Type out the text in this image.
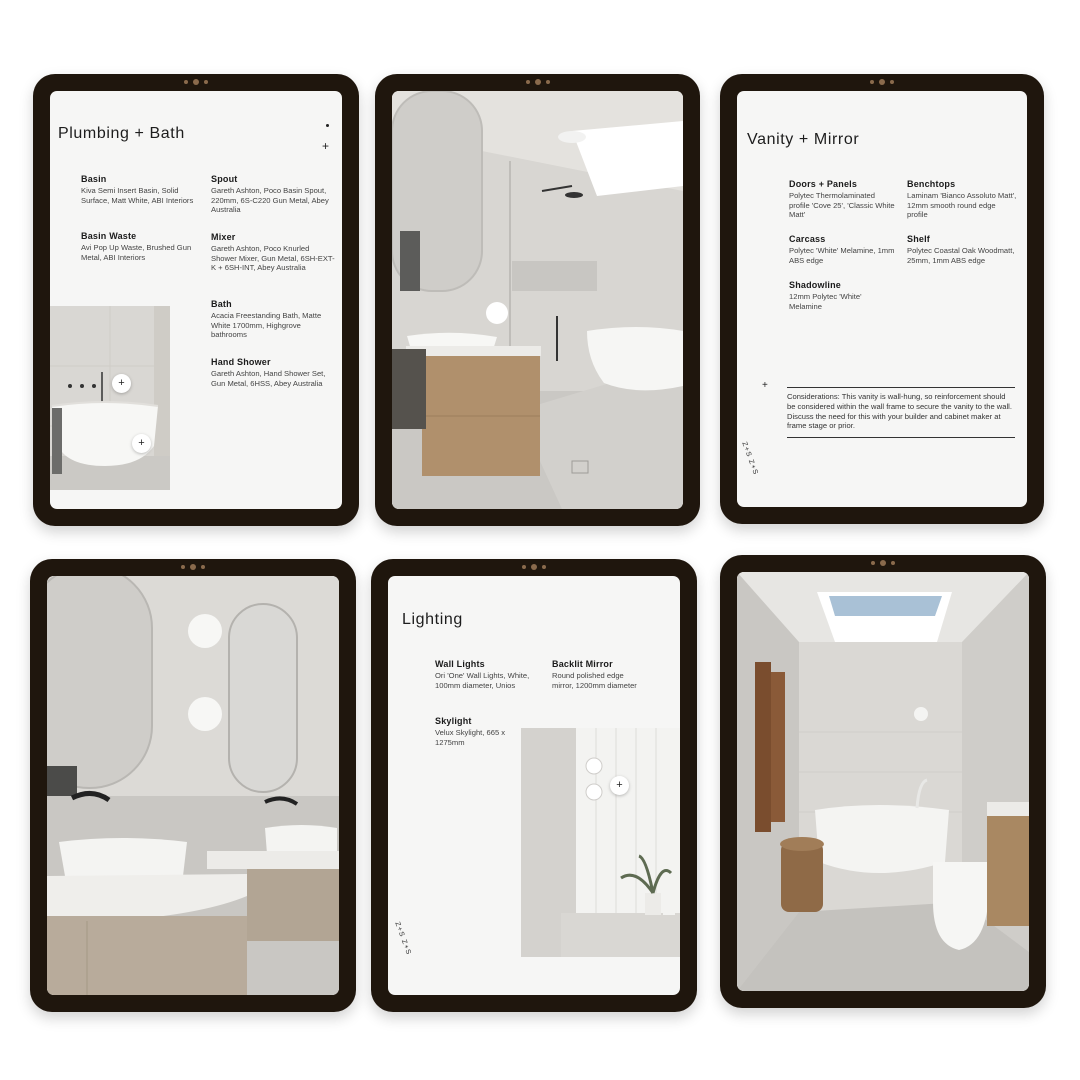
Plumbing + Bath
+
Basin
Kiva Semi Insert Basin, Solid Surface, Matt White, ABI Interiors
Basin Waste
Avi Pop Up Waste, Brushed Gun Metal, ABI Interiors
Spout
Gareth Ashton, Poco Basin Spout, 220mm, 6S-C220 Gun Metal, Abey Australia
Mixer
Gareth Ashton, Poco Knurled Shower Mixer, Gun Metal, 6SH-EXT-K + 6SH-INT, Abey Australia
Bath
Acacia Freestanding Bath, Matte White 1700mm, Highgrove bathrooms
Hand Shower
Gareth Ashton, Hand Shower Set, Gun Metal, 6HSS, Abey Australia
+
+
Vanity + Mirror
Doors + Panels
Polytec Thermolaminated profile 'Cove 25', 'Classic White Matt'
Benchtops
Laminam 'Bianco Assoluto Matt', 12mm smooth round edge profile
Carcass
Polytec 'White' Melamine, 1mm ABS edge
Shelf
Polytec Coastal Oak Woodmatt, 25mm, 1mm ABS edge
Shadowline
12mm Polytec 'White' Melamine
+
Considerations: This vanity is wall-hung, so reinforcement should be considered within the wall frame to secure the vanity to the wall. Discuss the need for this with your builder and cabinet maker at frame stage or prior.
Z+S Z+S
Lighting
Wall Lights
Ori 'One' Wall Lights, White, 100mm diameter, Unios
Backlit Mirror
Round polished edge mirror, 1200mm diameter
Skylight
Velux Skylight, 665 x 1275mm
+
Z+S Z+S
